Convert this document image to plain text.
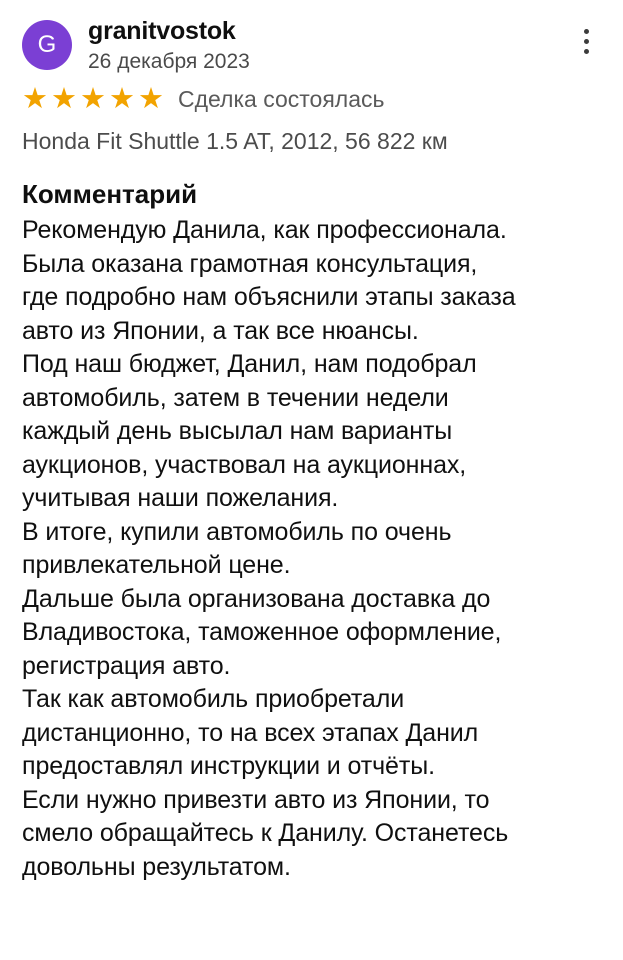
G	granitvostok
26 декабря 2023
★ ★ ★ ★ ★ Сделка состоялась
Honda Fit Shuttle 1.5 AT, 2012, 56 822 км
Комментарий

Рекомендую Данила, как профессионала.

Была оказана грамотная консультация,

где подробно нам объяснили этапы заказа

авто из Японии, а так все нюансы.

Под наш бюджет, Данил, нам подобрал

автомобиль, затем в течении недели

каждый день высылал нам варианты

аукционов, участвовал на аукционнах,

учитывая наши пожелания.

В итоге, купили автомобиль по очень

привлекательной цене.

Дальше была организована доставка до

Владивостока, таможенное оформление,

регистрация авто.

Так как автомобиль приобретали

дистанционно, то на всех этапах Данил

предоставлял инструкции и отчёты.

Если нужно привезти авто из Японии, то

смело обращайтесь к Данилу. Останетесь

довольны результатом.
